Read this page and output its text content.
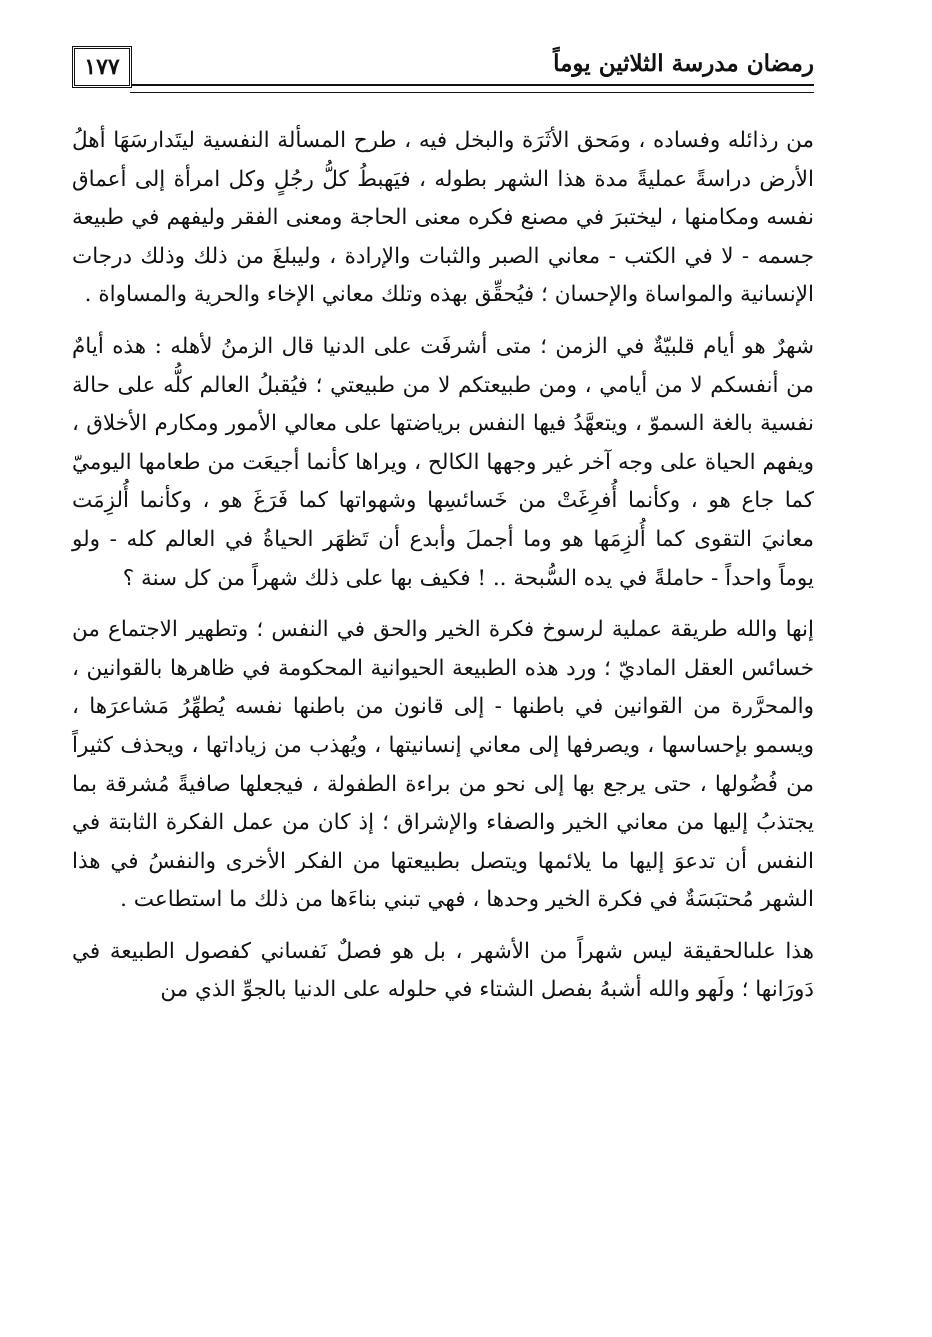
١٧٧	رمضان مدرسة الثلاثين يوماً

من رذائله وفساده ، ومَحق الأثَرَة والبخل فيه ، طرح المسألة النفسية ليتَدارسَهَا أهلُ الأرض دراسةً عمليةً مدة هذا الشهر بطوله ، فيَهبطُ كلُّ رجُلٍ وكل امرأة إلى أعماق نفسه ومكامنها ، ليختبرَ في مصنع فكره معنى الحاجة ومعنى الفقر وليفهم في طبيعة جسمه - لا في الكتب - معاني الصبر والثبات والإرادة ، وليبلغَ من ذلك وذلك درجات الإنسانية والمواساة والإحسان ؛ فيُحقِّق بهذه وتلك معاني الإخاء والحرية والمساواة .

شهرٌ هو أيام قلبيّةٌ في الزمن ؛ متى أشرفَت على الدنيا قال الزمنُ لأهله : هذه أيامٌ من أنفسكم لا من أيامي ، ومن طبيعتكم لا من طبيعتي ؛ فيُقبلُ العالم كلُّه على حالة نفسية بالغة السموّ ، ويتعهَّدُ فيها النفس برياضتها على معالي الأمور ومكارم الأخلاق ، ويفهم الحياة على وجه آخر غير وجهها الكالح ، ويراها كأنما أجيعَت من طعامها اليوميّ كما جاع هو ، وكأنما أُفرِغَتْ من خَسائسِها وشهواتها كما فَرَغَ هو ، وكأنما أُلزِمَت معانيَ التقوى كما أُلزِمَها هو وما أجملَ وأبدع أن تَظهَر الحياةُ في العالم كله - ولو يوماً واحداً - حاملةً في يده السُّبحة .. ! فكيف بها على ذلك شهراً من كل سنة ؟

إنها والله طريقة عملية لرسوخ فكرة الخير والحق في النفس ؛ وتطهير الاجتماع من خسائس العقل الماديّ ؛ ورد هذه الطبيعة الحيوانية المحكومة في ظاهرها بالقوانين ، والمحرَّرة من القوانين في باطنها - إلى قانون من باطنها نفسه يُطهِّرُ مَشاعرَها ، ويسمو بإحساسها ، ويصرفها إلى معاني إنسانيتها ، ويُهذب من زياداتها ، ويحذف كثيراً من فُضُولها ، حتى يرجع بها إلى نحو من براءة الطفولة ، فيجعلها صافيةً مُشرقة بما يجتذبُ إليها من معاني الخير والصفاء والإشراق ؛ إذ كان من عمل الفكرة الثابتة في النفس أن تدعوَ إليها ما يلائمها ويتصل بطبيعتها من الفكر الأخرى والنفسُ في هذا الشهر مُحتبَسَةٌ في فكرة الخير وحدها ، فهي تبني بناءَها من ذلك ما استطاعت .

هذا علىالحقيقة ليس شهراً من الأشهر ، بل هو فصلٌ نَفساني كفصول الطبيعة في دَورَانها ؛ ولَهو والله أشبهُ بفصل الشتاء في حلوله على الدنيا بالجوِّ الذي من
